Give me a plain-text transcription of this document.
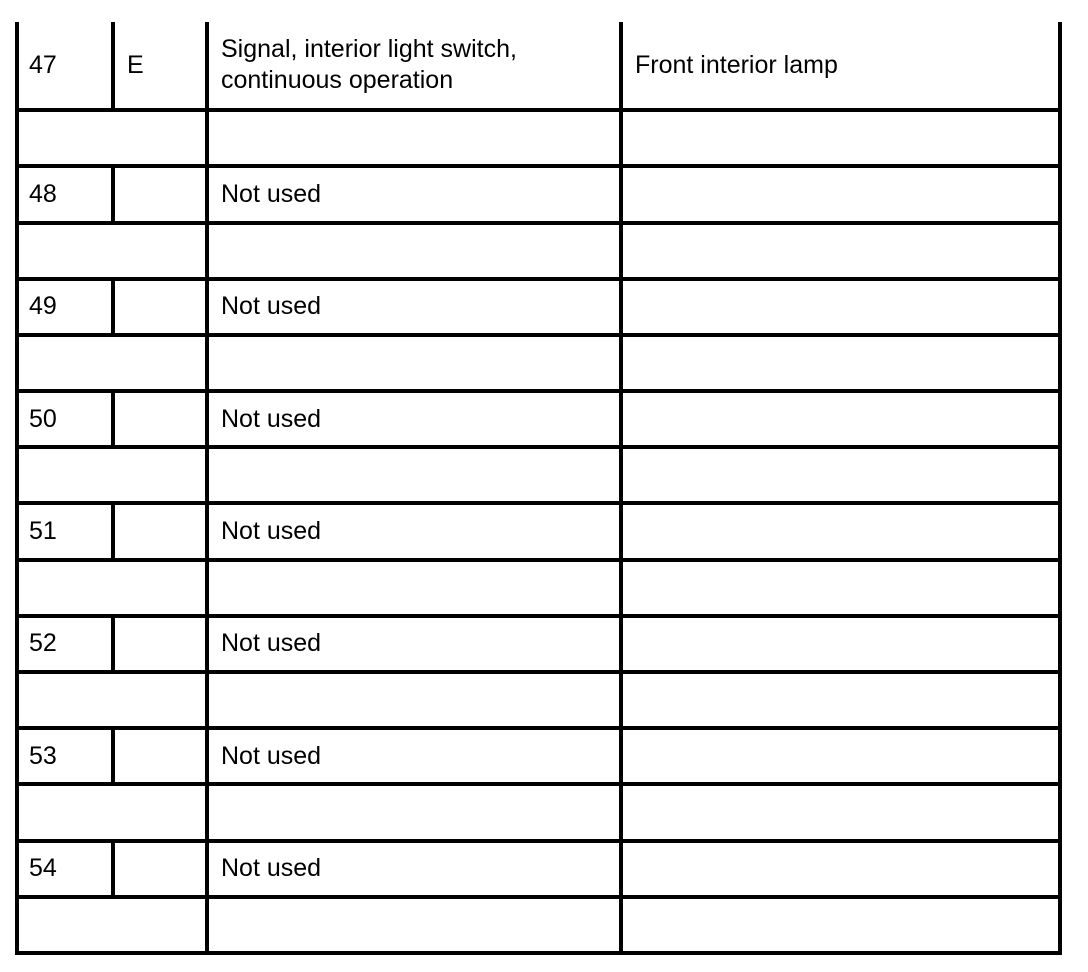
47	E	Signal, interior light switch, continuous operation	Front interior lamp

48		Not used	

49		Not used	

50		Not used	

51		Not used	

52		Not used	

53		Not used	

54		Not used	
